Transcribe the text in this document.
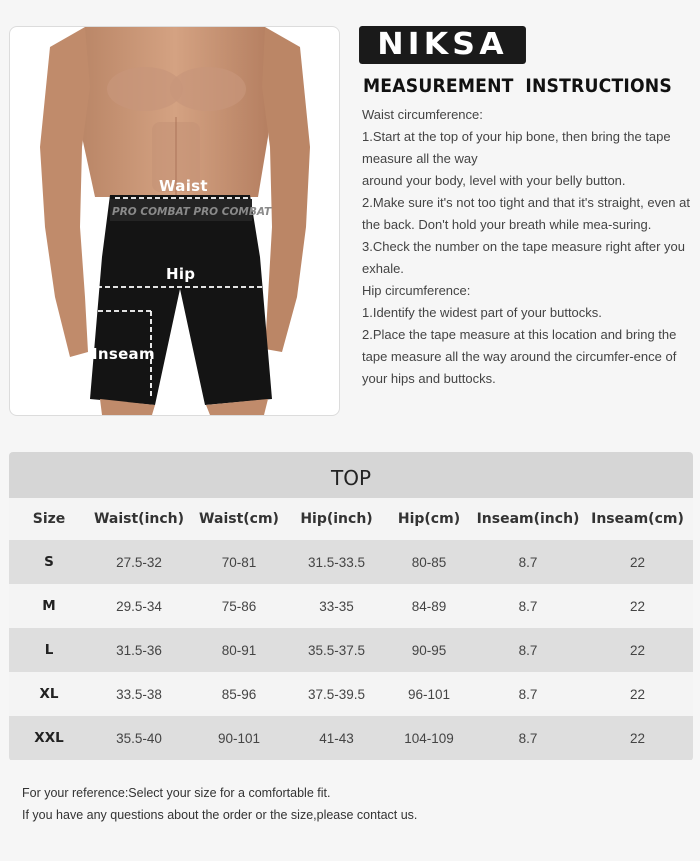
PRO COMBAT PRO COMBAT
Waist
Hip
Inseam
NIKSA
MEASUREMENT INSTRUCTIONS

Waist circumference:

1.Start at the top of your hip bone, then bring the tape measure all the way

around your body, level with your belly button.

2.Make sure it's not too tight and that it's straight, even at the back. Don't hold your breath while mea-suring.

3.Check the number on the tape measure right after you exhale.

Hip circumference:

1.Identify the widest part of your buttocks.

2.Place the tape measure at this location and bring the tape measure all the way around the circumfer-ence of your hips and buttocks.

TOP
Size	Waist(inch)	Waist(cm)	Hip(inch)	Hip(cm)	Inseam(inch)	Inseam(cm)
S	27.5-32	70-81	31.5-33.5	80-85	8.7	22
M	29.5-34	75-86	33-35	84-89	8.7	22
L	31.5-36	80-91	35.5-37.5	90-95	8.7	22
XL	33.5-38	85-96	37.5-39.5	96-101	8.7	22
XXL	35.5-40	90-101	41-43	104-109	8.7	22

For your reference:Select your size for a comfortable fit.

If you have any questions about the order or the size,please contact us.
